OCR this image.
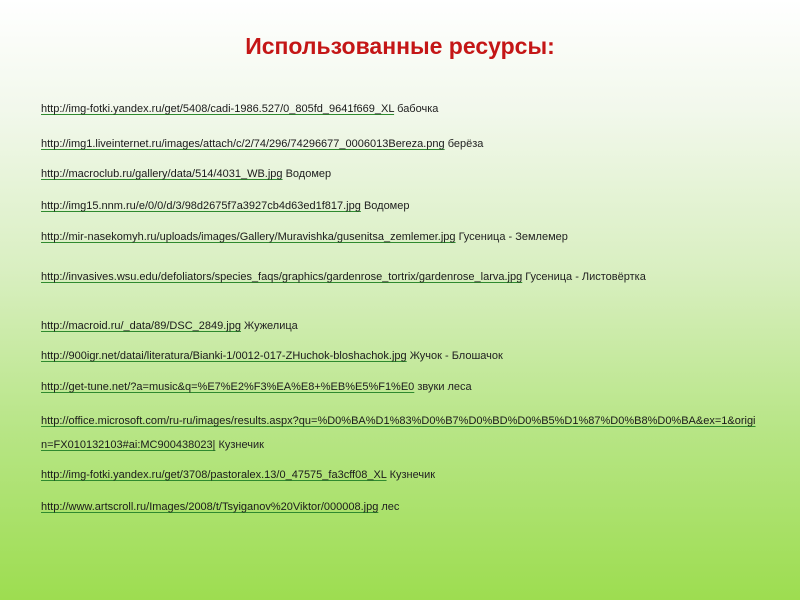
Использованные ресурсы:
http://img-fotki.yandex.ru/get/5408/cadi-1986.527/0_805fd_9641f669_XL бабочка
http://img1.liveinternet.ru/images/attach/c/2/74/296/74296677_0006013Bereza.png берёза
http://macroclub.ru/gallery/data/514/4031_WB.jpg Водомер
http://img15.nnm.ru/e/0/0/d/3/98d2675f7a3927cb4d63ed1f817.jpg Водомер
http://mir-nasekomyh.ru/uploads/images/Gallery/Muravishka/gusenitsa_zemlemer.jpg Гусеница - Землемер
http://invasives.wsu.edu/defoliators/species_faqs/graphics/gardenrose_tortrix/gardenrose_larva.jpg Гусеница - Листовёртка
http://macroid.ru/_data/89/DSC_2849.jpg Жужелица
http://900igr.net/datai/literatura/Bianki-1/0012-017-ZHuchok-bloshachok.jpg Жучок - Блошачок
http://get-tune.net/?a=music&q=%E7%E2%F3%EA%E8+%EB%E5%F1%E0 звуки леса
http://office.microsoft.com/ru-ru/images/results.aspx?qu=%D0%BA%D1%83%D0%B7%D0%BD%D0%B5%D1%87%D0%B8%D0%BA&ex=1&origin=FX010132103#ai:MC900438023| Кузнечик
http://img-fotki.yandex.ru/get/3708/pastoralex.13/0_47575_fa3cff08_XL Кузнечик
http://www.artscroll.ru/Images/2008/t/Tsyiganov%20Viktor/000008.jpg лес
